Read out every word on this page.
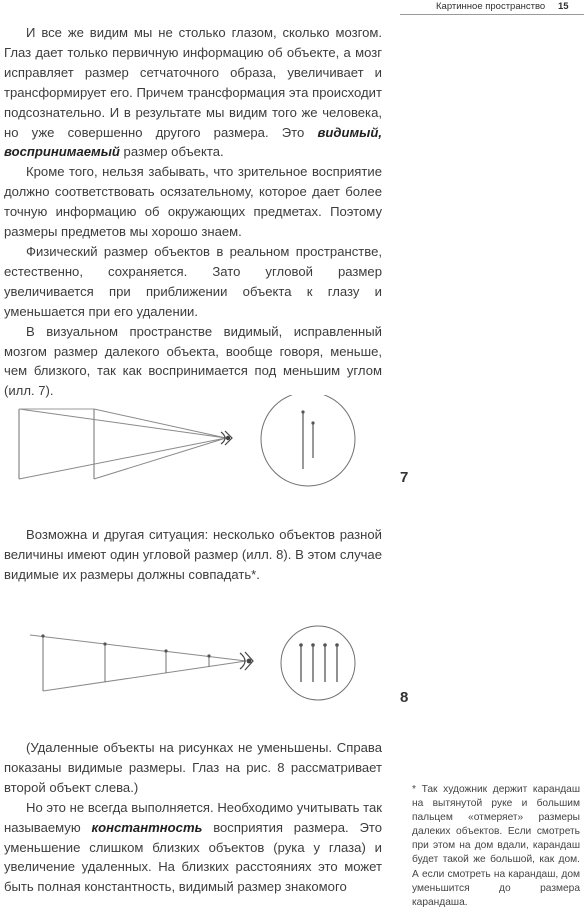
Картинное пространство 15

И все же видим мы не столько глазом, сколько мозгом. Глаз дает только первичную информацию об объекте, а мозг исправляет размер сетчаточного образа, увеличивает и трансформирует его. Причем трансформация эта происходит подсознательно. И в результате мы видим того же человека, но уже совершенно другого размера. Это видимый, воспринимаемый размер объекта.

Кроме того, нельзя забывать, что зрительное восприятие должно соответствовать осязательному, которое дает более точную информацию об окружающих предметах. Поэтому размеры предметов мы хорошо знаем.

Физический размер объектов в реальном пространстве, естественно, сохраняется. Зато угловой размер увеличивается при приближении объекта к глазу и уменьшается при его удалении.

В визуальном пространстве видимый, исправленный мозгом размер далекого объекта, вообще говоря, меньше, чем близкого, так как воспринимается под меньшим углом (илл. 7).

7

Возможна и другая ситуация: несколько объектов разной величины имеют один угловой размер (илл. 8). В этом случае видимые их размеры должны совпадать*.

8

(Удаленные объекты на рисунках не уменьшены. Справа показаны видимые размеры. Глаз на рис. 8 рассматривает второй объект слева.)

Но это не всегда выполняется. Необходимо учитывать так называемую константность восприятия размера. Это уменьшение слишком близких объектов (рука у глаза) и увеличение удаленных. На близких расстояниях это может быть полная константность, видимый размер знакомого

* Так художник держит карандаш на вытянутой руке и большим пальцем «отмеряет» размеры далеких объектов. Если смотреть при этом на дом вдали, карандаш будет такой же большой, как дом. А если смотреть на карандаш, дом уменьшится до размера карандаша.
